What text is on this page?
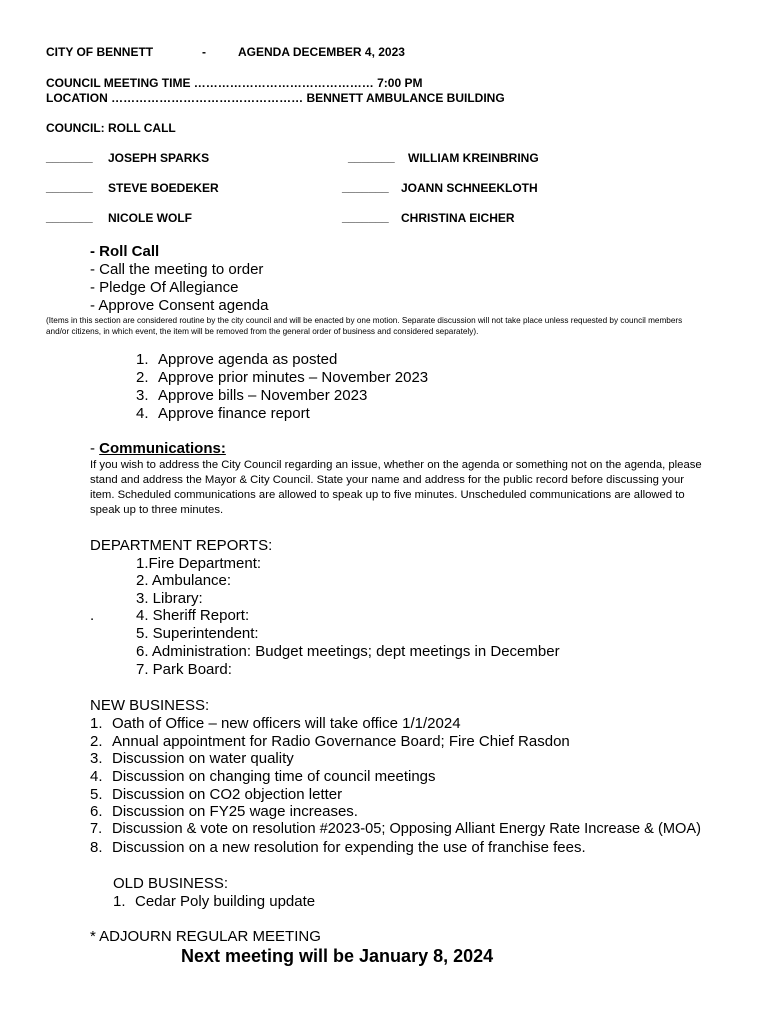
CITY OF BENNETT	-	AGENDA DECEMBER 4, 2023
COUNCIL MEETING TIME ……………………………………… 7:00 PM
LOCATION ………………………………………… BENNETT AMBULANCE BUILDING
COUNCIL: ROLL CALL
_______ JOSEPH SPARKS	_______ WILLIAM KREINBRING
_______ STEVE BOEDEKER	_______ JOANN SCHNEEKLOTH
_______ NICOLE WOLF	_______ CHRISTINA EICHER
- Roll Call
- Call the meeting to order
- Pledge Of Allegiance
- Approve Consent agenda
(Items in this section are considered routine by the city council and will be enacted by one motion. Separate discussion will not take place unless requested by council members and/or citizens, in which event, the item will be removed from the general order of business and considered separately).
1. Approve agenda as posted
2. Approve prior minutes – November 2023
3. Approve bills – November 2023
4. Approve finance report
- Communications:
If you wish to address the City Council regarding an issue, whether on the agenda or something not on the agenda, please stand and address the Mayor & City Council. State your name and address for the public record before discussing your item. Scheduled communications are allowed to speak up to five minutes. Unscheduled communications are allowed to speak up to three minutes.
DEPARTMENT REPORTS:
1.Fire Department:
2. Ambulance:
3. Library:
.	4. Sheriff Report:
5. Superintendent:
6. Administration: Budget meetings; dept meetings in December
7. Park Board:
NEW BUSINESS:
1. Oath of Office – new officers will take office 1/1/2024
2. Annual appointment for Radio Governance Board; Fire Chief Rasdon
3. Discussion on water quality
4. Discussion on changing time of council meetings
5. Discussion on CO2 objection letter
6. Discussion on FY25 wage increases.
7. Discussion & vote on resolution #2023-05; Opposing Alliant Energy Rate Increase & (MOA)
8. Discussion on a new resolution for expending the use of franchise fees.
OLD BUSINESS:
1. Cedar Poly building update
* ADJOURN REGULAR MEETING
Next meeting will be January 8, 2024
